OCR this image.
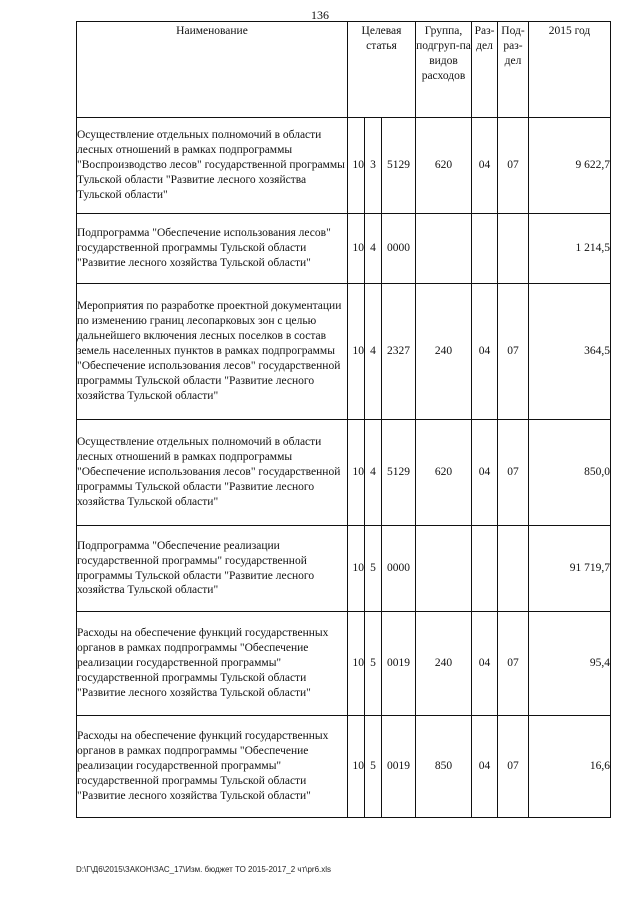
136
Наименование	Целевая статья			Группа, подгруп-па видов расходов	Раз-дел	Под-раз-дел	2015 год
Осуществление отдельных полномочий в области лесных отношений в рамках подпрограммы "Воспроизводство лесов" государственной программы Тульской области "Развитие лесного хозяйства Тульской области"	10	3	5129	620	04	07	9 622,7
Подпрограмма "Обеспечение использования лесов" государственной программы Тульской области "Развитие лесного хозяйства Тульской области"	10	4	0000				1 214,5
Мероприятия по разработке проектной документации по изменению границ лесопарковых зон с целью дальнейшего включения лесных поселков в состав земель населенных пунктов в рамках подпрограммы "Обеспечение использования лесов" государственной программы Тульской области "Развитие лесного хозяйства Тульской области"	10	4	2327	240	04	07	364,5
Осуществление отдельных полномочий в области лесных отношений в рамках подпрограммы "Обеспечение использования лесов" государственной программы Тульской области "Развитие лесного хозяйства Тульской области"	10	4	5129	620	04	07	850,0
Подпрограмма "Обеспечение реализации государственной программы" государственной программы Тульской области "Развитие лесного хозяйства Тульской области"	10	5	0000				91 719,7
Расходы на обеспечение функций государственных органов в рамках подпрограммы "Обеспечение реализации государственной программы" государственной программы Тульской области "Развитие лесного хозяйства Тульской области"	10	5	0019	240	04	07	95,4
Расходы на обеспечение функций государственных органов в рамках подпрограммы "Обеспечение реализации государственной программы" государственной программы Тульской области "Развитие лесного хозяйства Тульской области"	10	5	0019	850	04	07	16,6
D:\Г\Д6\2015\ЗАКОН\ЗАС_17\Изм. бюджет ТО 2015-2017_2 чт\pr6.xls
